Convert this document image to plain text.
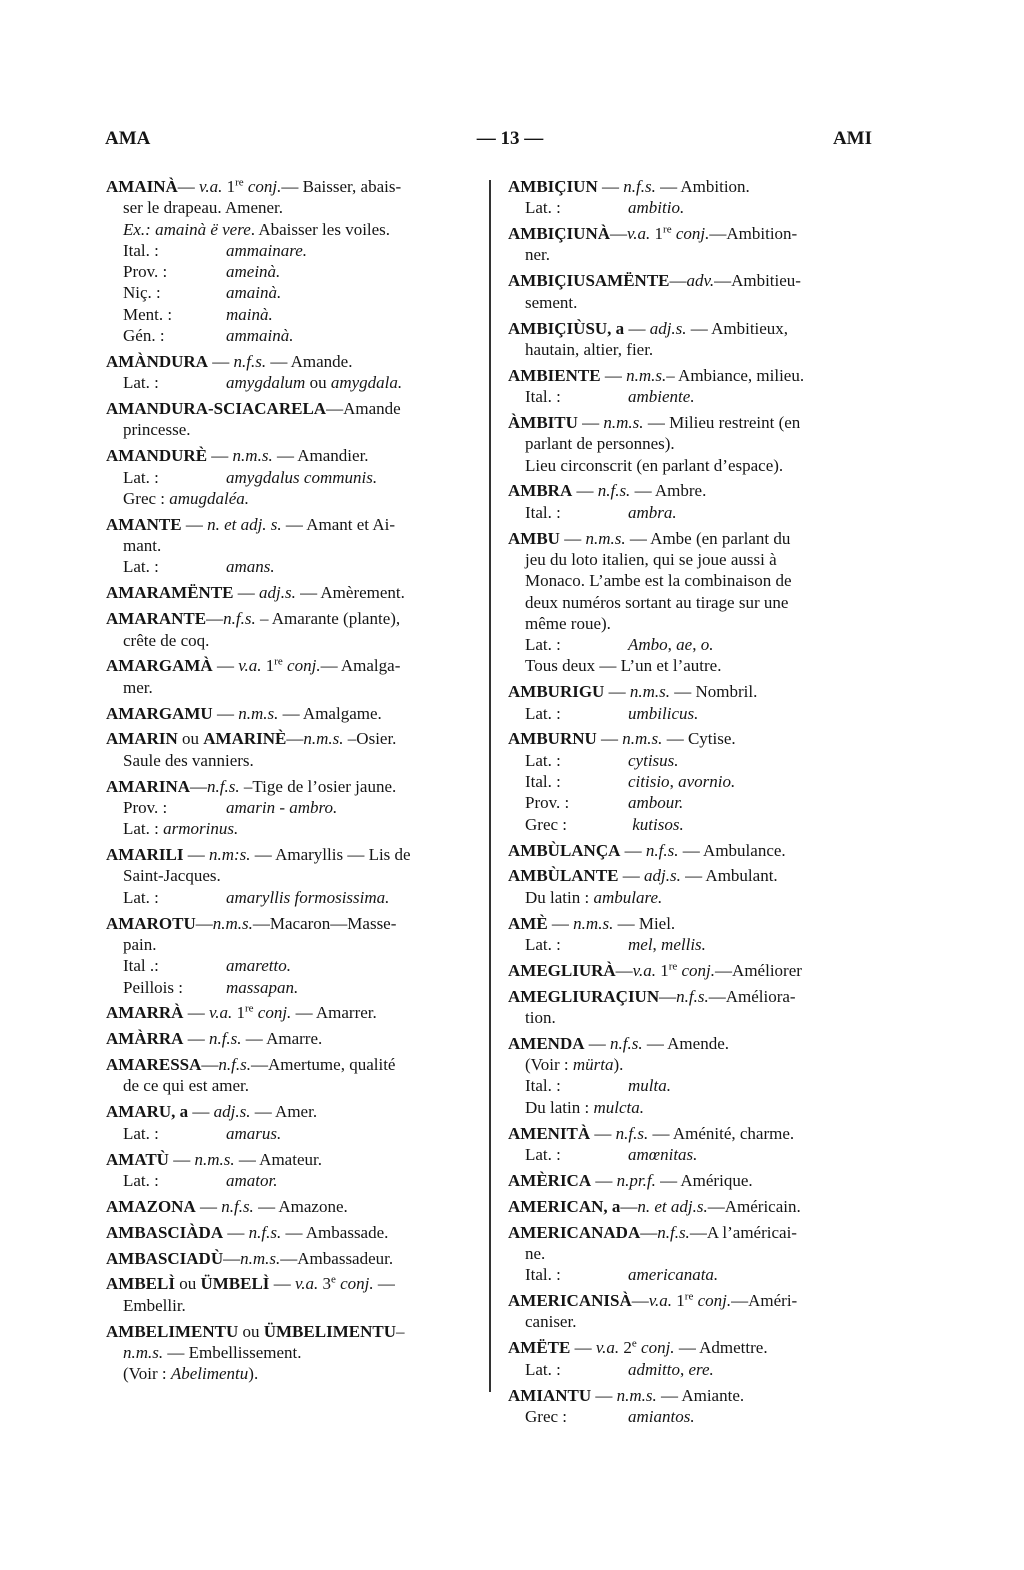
AMA	— 13 —	AMI
AMAINÀ— v.a. 1re conj.— Baisser, abais-
ser le drapeau. Amener.
Ex.: amainà ë vere. Abaisser les voiles.
Ital. :	ammainare.
Prov. :	ameinà.
Niç. :	amainà.
Ment. :	mainà.
Gén. :	ammainà.
AMÀNDURA — n.f.s. — Amande.
Lat. :	amygdalum ou amygdala.
AMANDURA-SCIACARELA—Amande
princesse.
AMANDURÈ — n.m.s. — Amandier.
Lat. :	amygdalus communis.
Grec : amugdaléa.
AMANTE — n. et adj. s. — Amant et Ai-
mant.
Lat. :	amans.
AMARAMËNTE — adj.s. — Amèrement.
AMARANTE—n.f.s. – Amarante (plante),
crête de coq.
AMARGAMÀ — v.a. 1re conj.— Amalga-
mer.
AMARGAMU — n.m.s. — Amalgame.
AMARIN ou AMARINÈ—n.m.s. –Osier.
Saule des vanniers.
AMARINA—n.f.s. –Tige de l’osier jaune.
Prov. :	amarin - ambro.
Lat. : armorinus.
AMARILI — n.m:s. — Amaryllis — Lis de
Saint-Jacques.
Lat. :	amaryllis formosissima.
AMAROTU—n.m.s.—Macaron—Masse-
pain.
Ital .:	amaretto.
Peillois :	massapan.
AMARRÀ — v.a. 1re conj. — Amarrer.
AMÀRRA — n.f.s. — Amarre.
AMARESSA—n.f.s.—Amertume, qualité
de ce qui est amer.
AMARU, a — adj.s. — Amer.
Lat. :	amarus.
AMATÙ — n.m.s. — Amateur.
Lat. :	amator.
AMAZONA — n.f.s. — Amazone.
AMBASCIÀDA — n.f.s. — Ambassade.
AMBASCIADÙ—n.m.s.—Ambassadeur.
AMBELÌ ou ÜMBELÌ — v.a. 3e conj. —
Embellir.
AMBELIMENTU ou ÜMBELIMENTU–
n.m.s. — Embellissement.
(Voir : Abelimentu).
AMBIÇIUN — n.f.s. — Ambition.
Lat. :	ambitio.
AMBIÇIUNÀ—v.a. 1re conj.—Ambition-
ner.
AMBIÇIUSAMËNTE—adv.—Ambitieu-
sement.
AMBIÇIÙSU, a — adj.s. — Ambitieux,
hautain, altier, fier.
AMBIENTE — n.m.s.– Ambiance, milieu.
Ital. :	ambiente.
ÀMBITU — n.m.s. — Milieu restreint (en
parlant de personnes).
Lieu circonscrit (en parlant d’espace).
AMBRA — n.f.s. — Ambre.
Ital. :	ambra.
AMBU — n.m.s. — Ambe (en parlant du
jeu du loto italien, qui se joue aussi à
Monaco. L’ambe est la combinaison de
deux numéros sortant au tirage sur une
même roue).
Lat. :	Ambo, ae, o.
Tous deux — L’un et l’autre.
AMBURIGU — n.m.s. — Nombril.
Lat. :	umbilicus.
AMBURNU — n.m.s. — Cytise.
Lat. :	cytisus.
Ital. :	citisio, avornio.
Prov. :	ambour.
Grec :	kutisos.
AMBÙLANÇA — n.f.s. — Ambulance.
AMBÙLANTE — adj.s. — Ambulant.
Du latin : ambulare.
AMÈ — n.m.s. — Miel.
Lat. :	mel, mellis.
AMEGLIURÀ—v.a. 1re conj.—Améliorer
AMEGLIURAÇIUN—n.f.s.—Améliora-
tion.
AMENDA — n.f.s. — Amende.
(Voir : mürta).
Ital. :	multa.
Du latin : mulcta.
AMENITÀ — n.f.s. — Aménité, charme.
Lat. :	amœnitas.
AMÈRICA — n.pr.f. — Amérique.
AMERICAN, a—n. et adj.s.—Américain.
AMERICANADA—n.f.s.—A l’américai-
ne.
Ital. :	americanata.
AMERICANISÀ—v.a. 1re conj.—Améri-
caniser.
AMËTE — v.a. 2e conj. — Admettre.
Lat. :	admitto, ere.
AMIANTU — n.m.s. — Amiante.
Grec :	amiantos.
